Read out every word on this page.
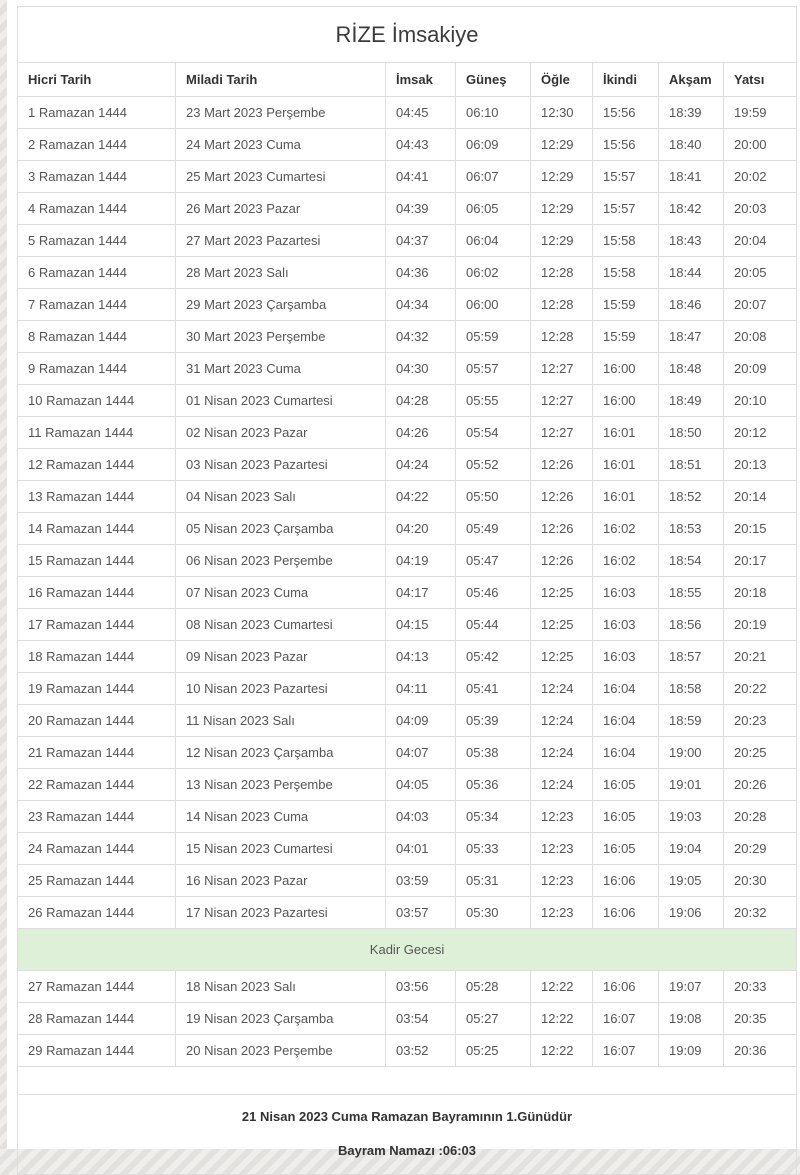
RİZE İmsakiye							
Hicri Tarih	Miladi Tarih	İmsak	Güneş	Öğle	İkindi	Akşam	Yatsı
1 Ramazan 1444	23 Mart 2023 Perşembe	04:45	06:10	12:30	15:56	18:39	19:59
2 Ramazan 1444	24 Mart 2023 Cuma	04:43	06:09	12:29	15:56	18:40	20:00
3 Ramazan 1444	25 Mart 2023 Cumartesi	04:41	06:07	12:29	15:57	18:41	20:02
4 Ramazan 1444	26 Mart 2023 Pazar	04:39	06:05	12:29	15:57	18:42	20:03
5 Ramazan 1444	27 Mart 2023 Pazartesi	04:37	06:04	12:29	15:58	18:43	20:04
6 Ramazan 1444	28 Mart 2023 Salı	04:36	06:02	12:28	15:58	18:44	20:05
7 Ramazan 1444	29 Mart 2023 Çarşamba	04:34	06:00	12:28	15:59	18:46	20:07
8 Ramazan 1444	30 Mart 2023 Perşembe	04:32	05:59	12:28	15:59	18:47	20:08
9 Ramazan 1444	31 Mart 2023 Cuma	04:30	05:57	12:27	16:00	18:48	20:09
10 Ramazan 1444	01 Nisan 2023 Cumartesi	04:28	05:55	12:27	16:00	18:49	20:10
11 Ramazan 1444	02 Nisan 2023 Pazar	04:26	05:54	12:27	16:01	18:50	20:12
12 Ramazan 1444	03 Nisan 2023 Pazartesi	04:24	05:52	12:26	16:01	18:51	20:13
13 Ramazan 1444	04 Nisan 2023 Salı	04:22	05:50	12:26	16:01	18:52	20:14
14 Ramazan 1444	05 Nisan 2023 Çarşamba	04:20	05:49	12:26	16:02	18:53	20:15
15 Ramazan 1444	06 Nisan 2023 Perşembe	04:19	05:47	12:26	16:02	18:54	20:17
16 Ramazan 1444	07 Nisan 2023 Cuma	04:17	05:46	12:25	16:03	18:55	20:18
17 Ramazan 1444	08 Nisan 2023 Cumartesi	04:15	05:44	12:25	16:03	18:56	20:19
18 Ramazan 1444	09 Nisan 2023 Pazar	04:13	05:42	12:25	16:03	18:57	20:21
19 Ramazan 1444	10 Nisan 2023 Pazartesi	04:11	05:41	12:24	16:04	18:58	20:22
20 Ramazan 1444	11 Nisan 2023 Salı	04:09	05:39	12:24	16:04	18:59	20:23
21 Ramazan 1444	12 Nisan 2023 Çarşamba	04:07	05:38	12:24	16:04	19:00	20:25
22 Ramazan 1444	13 Nisan 2023 Perşembe	04:05	05:36	12:24	16:05	19:01	20:26
23 Ramazan 1444	14 Nisan 2023 Cuma	04:03	05:34	12:23	16:05	19:03	20:28
24 Ramazan 1444	15 Nisan 2023 Cumartesi	04:01	05:33	12:23	16:05	19:04	20:29
25 Ramazan 1444	16 Nisan 2023 Pazar	03:59	05:31	12:23	16:06	19:05	20:30
26 Ramazan 1444	17 Nisan 2023 Pazartesi	03:57	05:30	12:23	16:06	19:06	20:32
Kadir Gecesi							
27 Ramazan 1444	18 Nisan 2023 Salı	03:56	05:28	12:22	16:06	19:07	20:33
28 Ramazan 1444	19 Nisan 2023 Çarşamba	03:54	05:27	12:22	16:07	19:08	20:35
29 Ramazan 1444	20 Nisan 2023 Perşembe	03:52	05:25	12:22	16:07	19:09	20:36

21 Nisan 2023 Cuma Ramazan Bayramının 1.Günüdür
Bayram Namazı :06:03							
